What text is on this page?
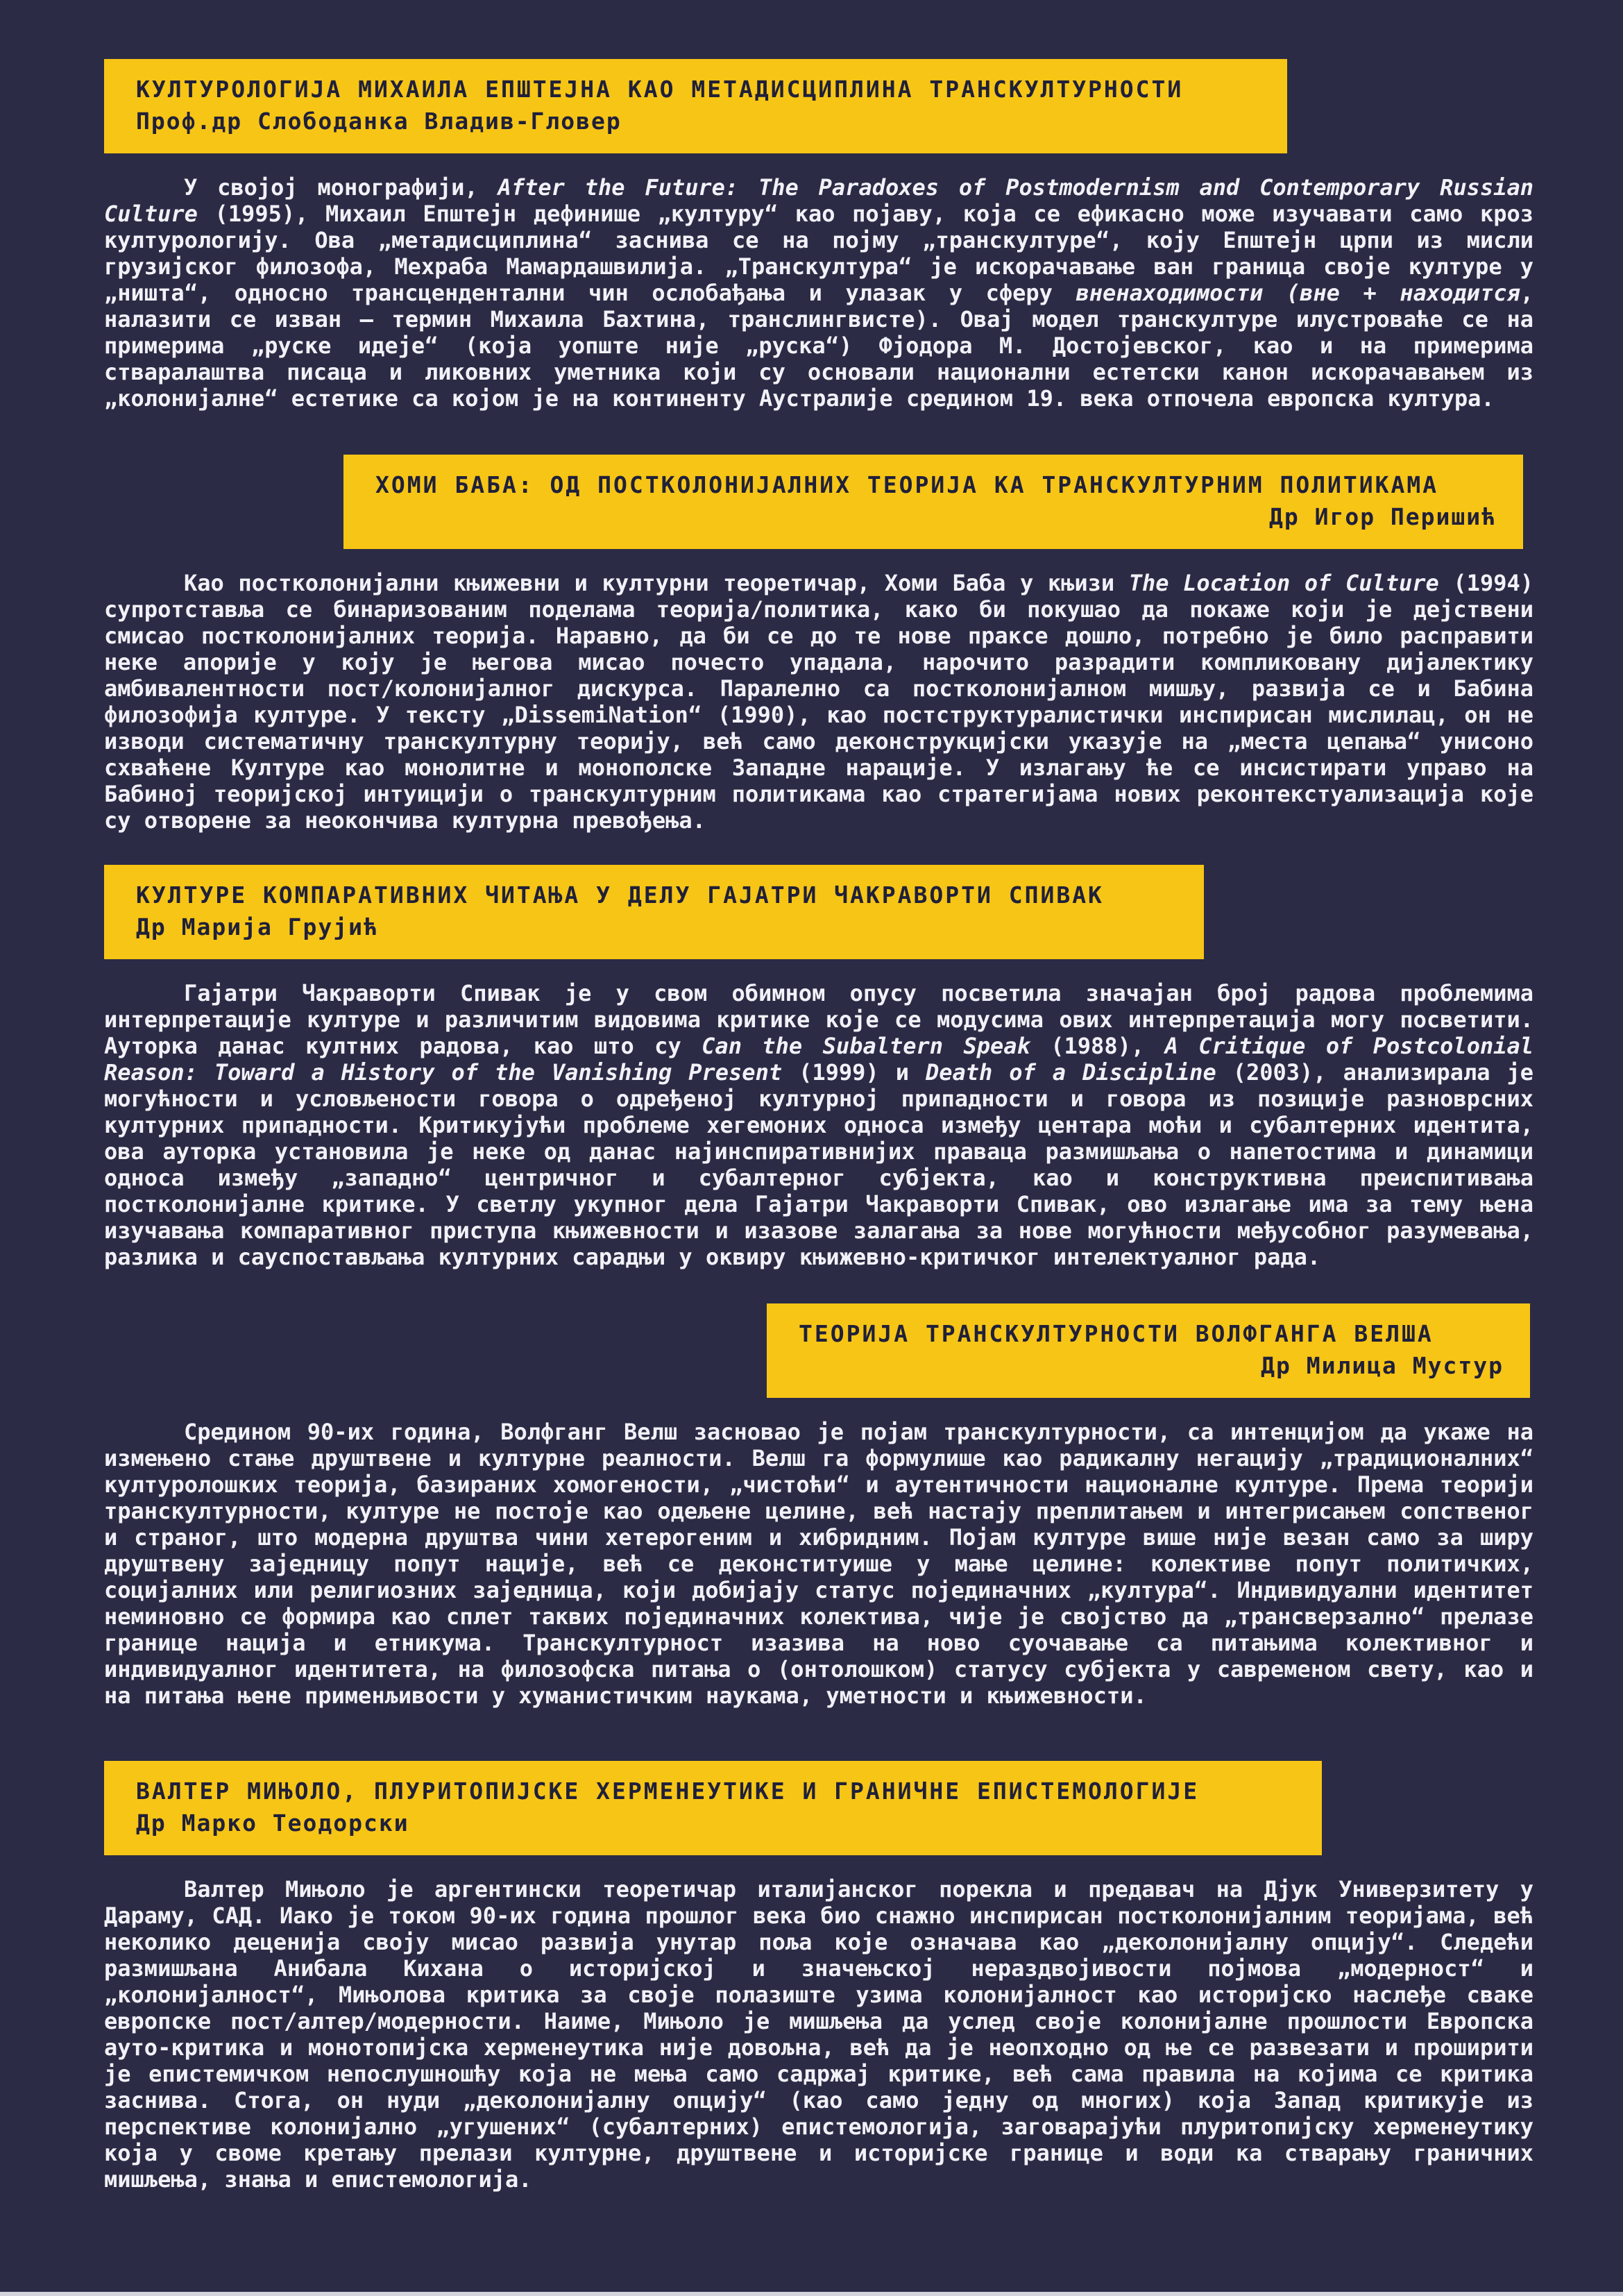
КУЛТУРОЛОГИЈА МИХАИЛА ЕПШТЕЈНА КАО МЕТАДИСЦИПЛИНА ТРАНСКУЛТУРНОСТИ
Проф.др Слободанка Владив-Гловер

У својој монографији, After the Future: The Paradoxes of Postmodernism and Contemporary Russian Culture (1995), Михаил Епштејн дефинише „културу“ као појаву, која се ефикасно може изучавати само кроз културологију. Ова „метадисциплина“ заснива се на појму „транскултуре“, коју Епштејн црпи из мисли грузијског филозофа, Мехраба Мамардашвилија. „Транскултура“ је искорачавање ван граница своје културе у „ништа“, односно трансцендентални чин ослобађања и улазак у сферу вненаходимости (вне + находится, налазити се изван – термин Михаила Бахтина, транслингвисте). Овај модел транскултуре илустроваће се на примерима „руске идеје“ (која уопште није „руска“) Фјодора М. Достојевског, као и на примерима стваралаштва писаца и ликовних уметника који су основали национални естетски канон искорачавањем из „колонијалне“ естетике са којом је на континенту Аустралије средином 19. века отпочела европска култура.

ХОМИ БАБА: ОД ПОСТКОЛОНИЈАЛНИХ ТЕОРИЈА КА ТРАНСКУЛТУРНИМ ПОЛИТИКАМА
Др Игор Перишић

Као постколонијални књижевни и културни теоретичар, Хоми Баба у књизи The Location of Culture (1994) супротставља се бинаризованим поделама теорија/политика, како би покушао да покаже који је дејствени смисао постколонијалних теорија. Наравно, да би се до те нове праксе дошло, потребно је било расправити неке апорије у коју је његова мисао почесто упадала, нарочито разрадити компликовану дијалектику амбивалентности пост/колонијалног дискурса. Паралелно са постколонијалном мишљу, развија се и Бабина филозофија културе. У тексту „DissemiNation“ (1990), као постструктуралистички инспирисан мислилац, он не изводи систематичну транскултурну теорију, већ само деконструкцијски указује на „места цепања“ унисоно схваћене Културе као монолитне и монополске Западне нарације. У излагању ће се инсистирати управо на Бабиној теоријској интуицији о транскултурним политикама као стратегијама нових реконтекстуализација које су отворене за неокончива културна превођења.

КУЛТУРЕ КОМПАРАТИВНИХ ЧИТАЊА У ДЕЛУ ГАЈАТРИ ЧАКРАВОРТИ СПИВАК
Др Марија Грујић

Гајатри Чакраворти Спивак је у свом обимном опусу посветила значајан број радова проблемима интерпретације културе и различитим видовима критике које се модусима ових интерпретација могу посветити. Ауторка данас култних радова, као што су Can the Subaltern Speak (1988), A Critique of Postcolonial Reason: Toward a History of the Vanishing Present (1999) и Death of a Discipline (2003), анализирала је могућности и условљености говора о одређеној културној припадности и говора из позиције разноврсних културних припадности. Критикујући проблеме хегемоних односа између центара моћи и субалтерних идентита, ова ауторка установила је неке од данас најинспиративнијих праваца размишљања о напетостима и динамици односа између „западно“ центричног и субалтерног субјекта, као и конструктивна преиспитивања постколонијалне критике. У светлу укупног дела Гајатри Чакраворти Спивак, ово излагање има за тему њена изучавања компаративног приступа књижевности и изазове залагања за нове могућности међусобног разумевања, разлика и сауспостављања културних сарадњи у оквиру књижевно-критичког интелектуалног рада.

ТЕОРИЈА ТРАНСКУЛТУРНОСТИ ВОЛФГАНГА ВЕЛША
Др Милица Мустур

Средином 90-их година, Волфганг Велш засновао је појам транскултурности, са интенцијом да укаже на измењено стање друштвене и културне реалности. Велш га формулише као радикалну негацију „традиционалних“ културолошких теорија, базираних хомогености, „чистоћи“ и аутентичности националне културе. Према теорији транскултурности, културе не постоје као одељене целине, већ настају преплитањем и интегрисањем сопственог и страног, што модерна друштва чини хетерогеним и хибридним. Појам културе више није везан само за ширу друштвену заједницу попут нације, већ се деконституише у мање целине: колективе попут политичких, социјалних или религиозних заједница, који добијају статус појединачних „култура“. Индивидуални идентитет неминовно се формира као сплет таквих појединачних колектива, чије је својство да „трансверзално“ прелазе границе нација и етникума. Транскултурност изазива на ново суочавање са питањима колективног и индивидуалног идентитета, на филозофска питања о (онтолошком) статусу субјекта у савременом свету, као и на питања њене применљивости у хуманистичким наукама, уметности и књижевности.

ВАЛТЕР МИЊОЛО, ПЛУРИТОПИЈСКЕ ХЕРМЕНЕУТИКЕ И ГРАНИЧНЕ ЕПИСТЕМОЛОГИЈЕ
Др Марко Теодорски

Валтер Мињоло је аргентински теоретичар италијанског порекла и предавач на Дјук Универзитету у Дараму, САД. Иако је током 90-их година прошлог века био снажно инспирисан постколонијалним теоријама, већ неколико деценија своју мисао развија унутар поља које означава као „деколонијалну опцију“. Следећи размишљана Анибала Кихана о историјској и значењској нераздвојивости појмова „модерност“ и „колонијалност“, Мињолова критика за своје полазиште узима колонијалност као историјско наслеђе сваке европске пост/алтер/модерности. Наиме, Мињоло је мишљења да услед своје колонијалне прошлости Европска ауто-критика и монотопијска херменеутика није довољна, већ да је неопходно од ње се развезати и проширити је епистемичком непослушношћу која не мења само садржај критике, већ сама правила на којима се критика заснива. Стога, он нуди „деколонијалну опцију“ (као само једну од многих) која Запад критикује из перспективе колонијално „угушених“ (субалтерних) епистемологија, заговарајући плуритопијску херменеутику која у своме кретању прелази културне, друштвене и историјске границе и води ка стварању граничних мишљења, знања и епистемологија.
